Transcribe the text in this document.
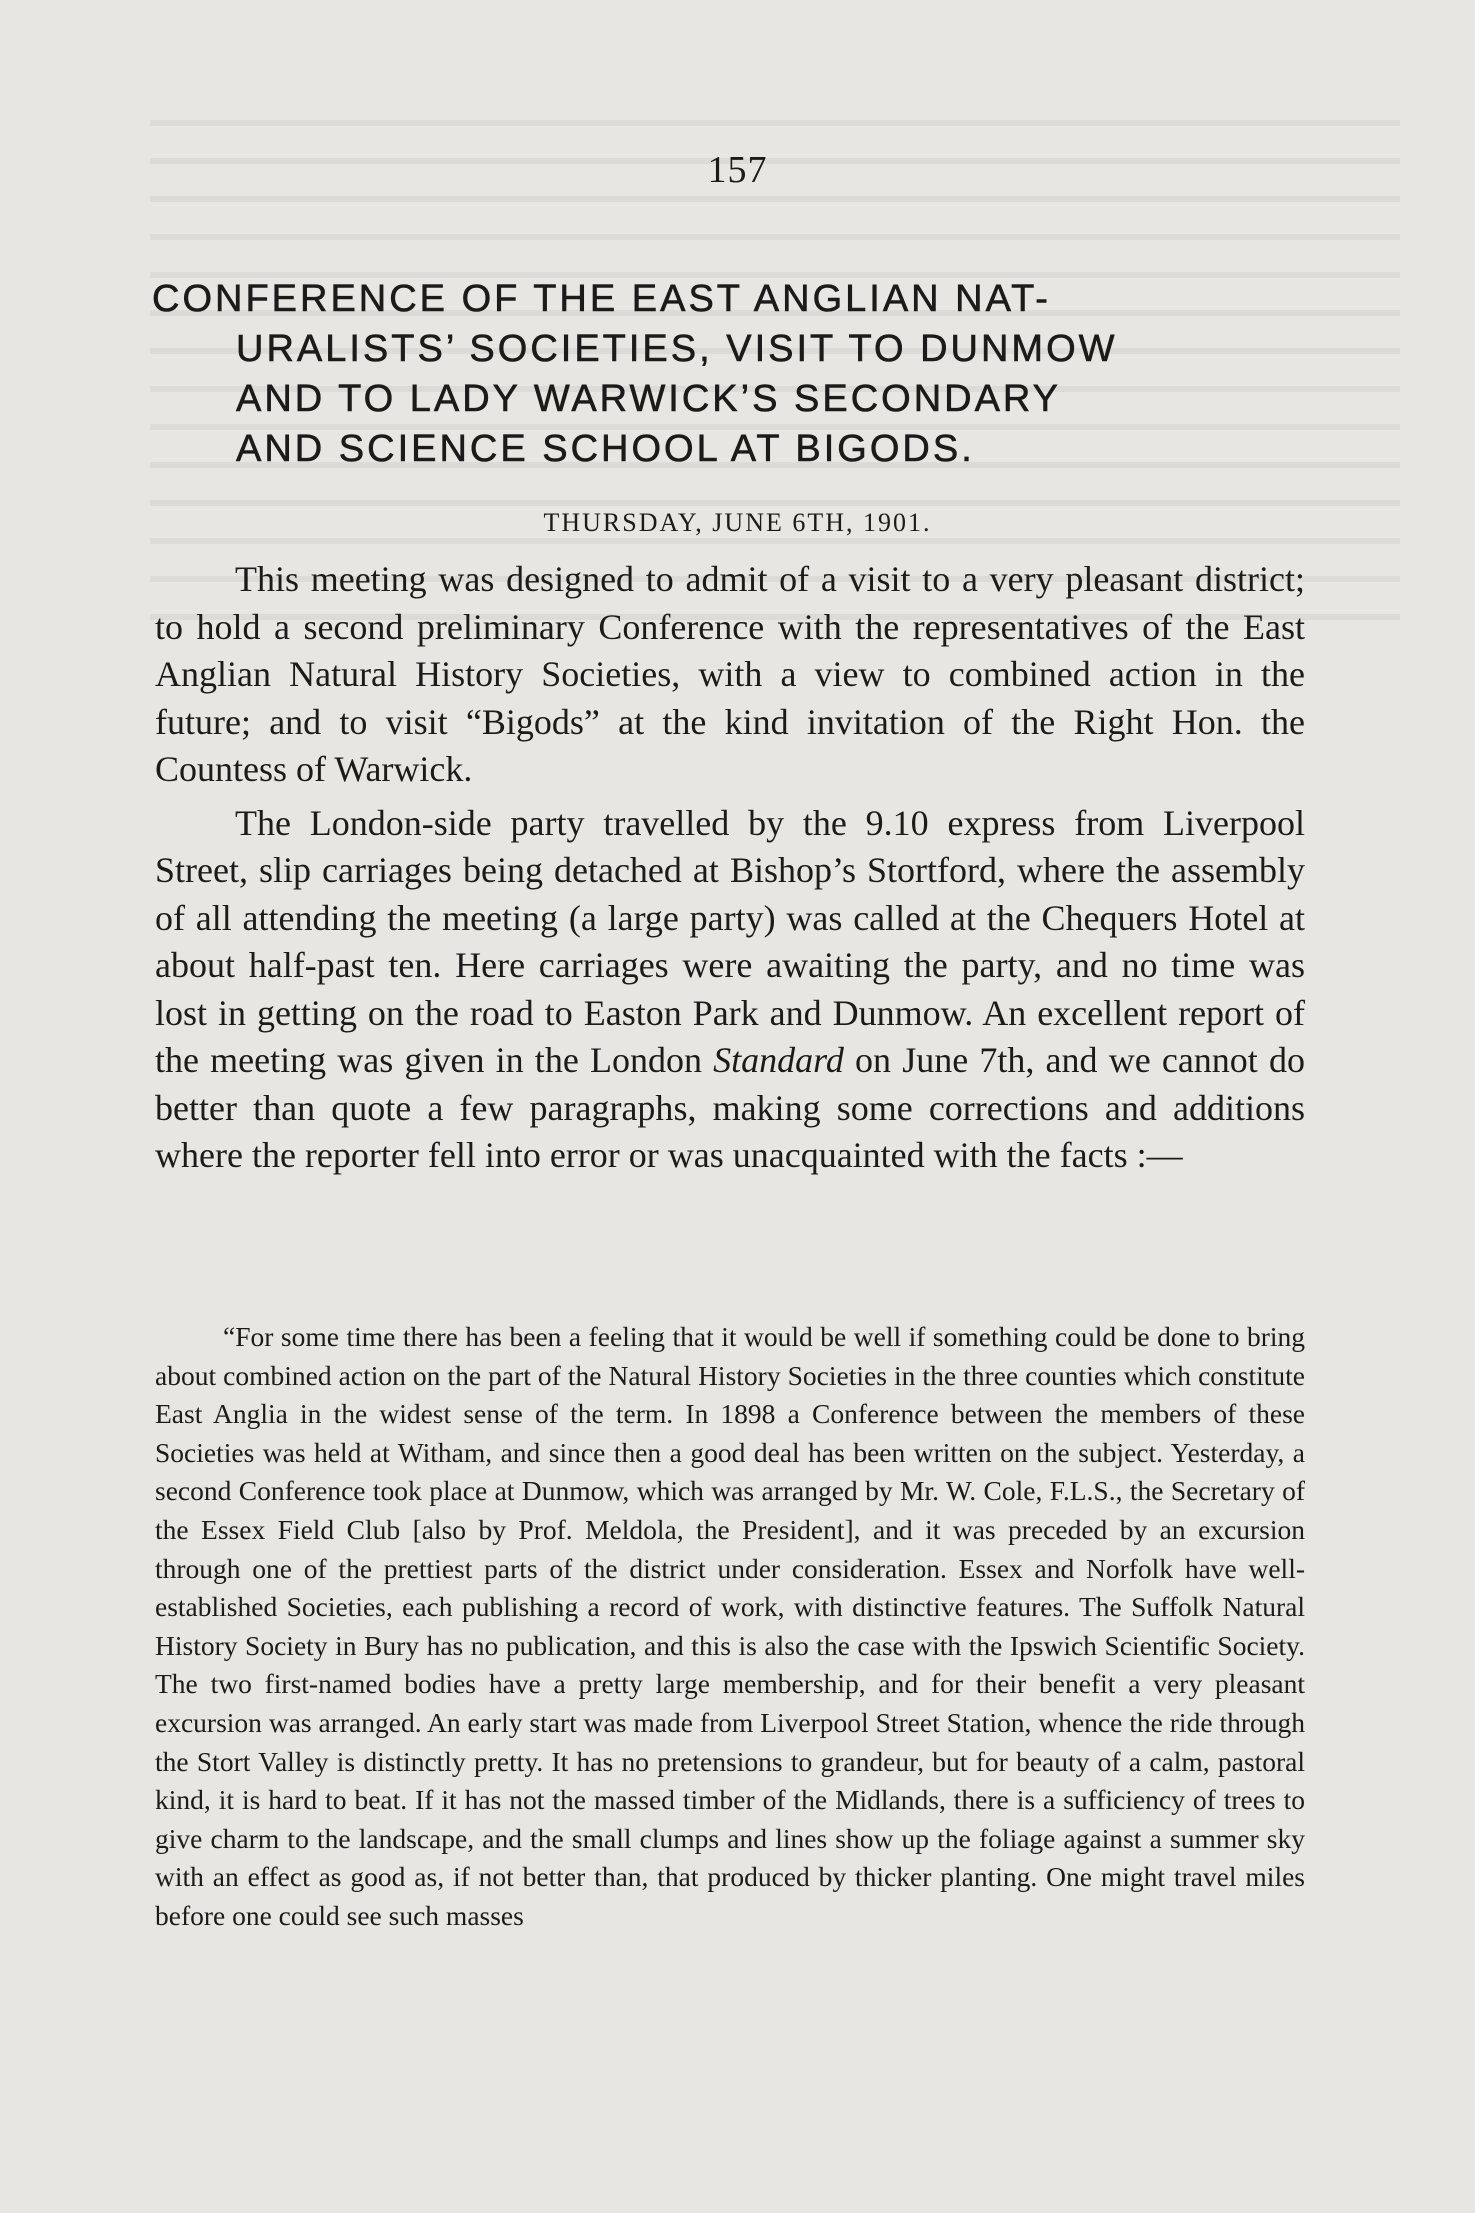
157
CONFERENCE OF THE EAST ANGLIAN NAT-
URALISTS’ SOCIETIES, VISIT TO DUNMOW
AND TO LADY WARWICK’S SECONDARY
AND SCIENCE SCHOOL AT BIGODS.
THURSDAY, JUNE 6TH, 1901.

This meeting was designed to admit of a visit to a very pleasant district; to hold a second preliminary Conference with the representatives of the East Anglian Natural History Societies, with a view to combined action in the future; and to visit “Bigods” at the kind invitation of the Right Hon. the Countess of Warwick.

The London-side party travelled by the 9.10 express from Liverpool Street, slip carriages being detached at Bishop’s Stortford, where the assembly of all attending the meeting (a large party) was called at the Chequers Hotel at about half-past ten. Here carriages were awaiting the party, and no time was lost in getting on the road to Easton Park and Dunmow. An excellent report of the meeting was given in the London Standard on June 7th, and we cannot do better than quote a few paragraphs, making some corrections and additions where the reporter fell into error or was unacquainted with the facts :—

“For some time there has been a feeling that it would be well if something could be done to bring about combined action on the part of the Natural History Societies in the three counties which constitute East Anglia in the widest sense of the term. In 1898 a Conference between the members of these Societies was held at Witham, and since then a good deal has been written on the subject. Yesterday, a second Conference took place at Dunmow, which was arranged by Mr. W. Cole, F.L.S., the Secretary of the Essex Field Club [also by Prof. Meldola, the President], and it was preceded by an excursion through one of the prettiest parts of the district under consideration. Essex and Norfolk have well-established Societies, each publishing a record of work, with distinctive features. The Suffolk Natural History Society in Bury has no publication, and this is also the case with the Ipswich Scientific Society. The two first-named bodies have a pretty large membership, and for their benefit a very pleasant excursion was arranged. An early start was made from Liverpool Street Station, whence the ride through the Stort Valley is distinctly pretty. It has no pretensions to grandeur, but for beauty of a calm, pastoral kind, it is hard to beat. If it has not the massed timber of the Midlands, there is a sufficiency of trees to give charm to the landscape, and the small clumps and lines show up the foliage against a summer sky with an effect as good as, if not better than, that produced by thicker planting. One might travel miles before one could see such masses
